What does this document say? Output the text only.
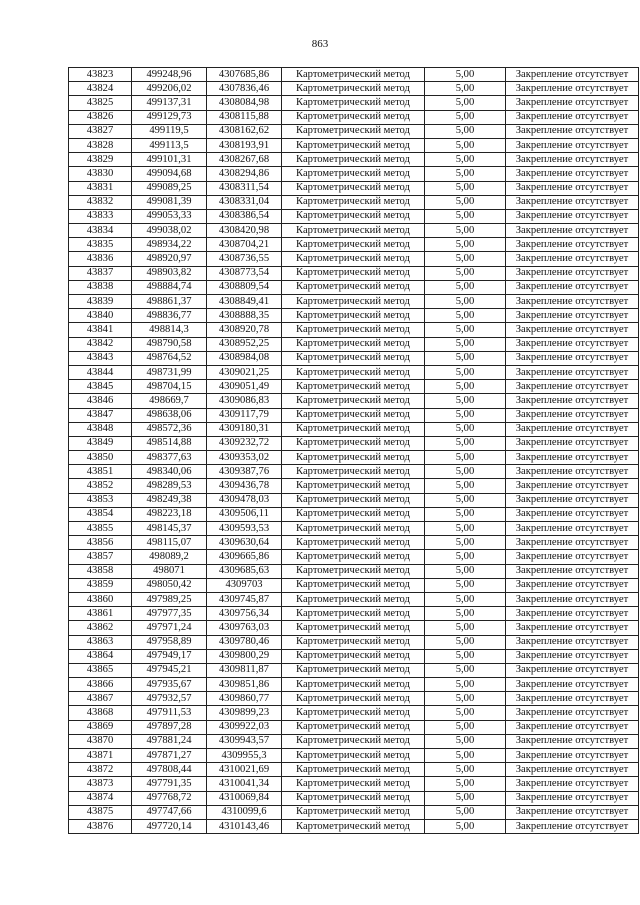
863
43823	499248,96	4307685,86	Картометрический метод	5,00	Закрепление отсутствует
43824	499206,02	4307836,46	Картометрический метод	5,00	Закрепление отсутствует
43825	499137,31	4308084,98	Картометрический метод	5,00	Закрепление отсутствует
43826	499129,73	4308115,88	Картометрический метод	5,00	Закрепление отсутствует
43827	499119,5	4308162,62	Картометрический метод	5,00	Закрепление отсутствует
43828	499113,5	4308193,91	Картометрический метод	5,00	Закрепление отсутствует
43829	499101,31	4308267,68	Картометрический метод	5,00	Закрепление отсутствует
43830	499094,68	4308294,86	Картометрический метод	5,00	Закрепление отсутствует
43831	499089,25	4308311,54	Картометрический метод	5,00	Закрепление отсутствует
43832	499081,39	4308331,04	Картометрический метод	5,00	Закрепление отсутствует
43833	499053,33	4308386,54	Картометрический метод	5,00	Закрепление отсутствует
43834	499038,02	4308420,98	Картометрический метод	5,00	Закрепление отсутствует
43835	498934,22	4308704,21	Картометрический метод	5,00	Закрепление отсутствует
43836	498920,97	4308736,55	Картометрический метод	5,00	Закрепление отсутствует
43837	498903,82	4308773,54	Картометрический метод	5,00	Закрепление отсутствует
43838	498884,74	4308809,54	Картометрический метод	5,00	Закрепление отсутствует
43839	498861,37	4308849,41	Картометрический метод	5,00	Закрепление отсутствует
43840	498836,77	4308888,35	Картометрический метод	5,00	Закрепление отсутствует
43841	498814,3	4308920,78	Картометрический метод	5,00	Закрепление отсутствует
43842	498790,58	4308952,25	Картометрический метод	5,00	Закрепление отсутствует
43843	498764,52	4308984,08	Картометрический метод	5,00	Закрепление отсутствует
43844	498731,99	4309021,25	Картометрический метод	5,00	Закрепление отсутствует
43845	498704,15	4309051,49	Картометрический метод	5,00	Закрепление отсутствует
43846	498669,7	4309086,83	Картометрический метод	5,00	Закрепление отсутствует
43847	498638,06	4309117,79	Картометрический метод	5,00	Закрепление отсутствует
43848	498572,36	4309180,31	Картометрический метод	5,00	Закрепление отсутствует
43849	498514,88	4309232,72	Картометрический метод	5,00	Закрепление отсутствует
43850	498377,63	4309353,02	Картометрический метод	5,00	Закрепление отсутствует
43851	498340,06	4309387,76	Картометрический метод	5,00	Закрепление отсутствует
43852	498289,53	4309436,78	Картометрический метод	5,00	Закрепление отсутствует
43853	498249,38	4309478,03	Картометрический метод	5,00	Закрепление отсутствует
43854	498223,18	4309506,11	Картометрический метод	5,00	Закрепление отсутствует
43855	498145,37	4309593,53	Картометрический метод	5,00	Закрепление отсутствует
43856	498115,07	4309630,64	Картометрический метод	5,00	Закрепление отсутствует
43857	498089,2	4309665,86	Картометрический метод	5,00	Закрепление отсутствует
43858	498071	4309685,63	Картометрический метод	5,00	Закрепление отсутствует
43859	498050,42	4309703	Картометрический метод	5,00	Закрепление отсутствует
43860	497989,25	4309745,87	Картометрический метод	5,00	Закрепление отсутствует
43861	497977,35	4309756,34	Картометрический метод	5,00	Закрепление отсутствует
43862	497971,24	4309763,03	Картометрический метод	5,00	Закрепление отсутствует
43863	497958,89	4309780,46	Картометрический метод	5,00	Закрепление отсутствует
43864	497949,17	4309800,29	Картометрический метод	5,00	Закрепление отсутствует
43865	497945,21	4309811,87	Картометрический метод	5,00	Закрепление отсутствует
43866	497935,67	4309851,86	Картометрический метод	5,00	Закрепление отсутствует
43867	497932,57	4309860,77	Картометрический метод	5,00	Закрепление отсутствует
43868	497911,53	4309899,23	Картометрический метод	5,00	Закрепление отсутствует
43869	497897,28	4309922,03	Картометрический метод	5,00	Закрепление отсутствует
43870	497881,24	4309943,57	Картометрический метод	5,00	Закрепление отсутствует
43871	497871,27	4309955,3	Картометрический метод	5,00	Закрепление отсутствует
43872	497808,44	4310021,69	Картометрический метод	5,00	Закрепление отсутствует
43873	497791,35	4310041,34	Картометрический метод	5,00	Закрепление отсутствует
43874	497768,72	4310069,84	Картометрический метод	5,00	Закрепление отсутствует
43875	497747,66	4310099,6	Картометрический метод	5,00	Закрепление отсутствует
43876	497720,14	4310143,46	Картометрический метод	5,00	Закрепление отсутствует
